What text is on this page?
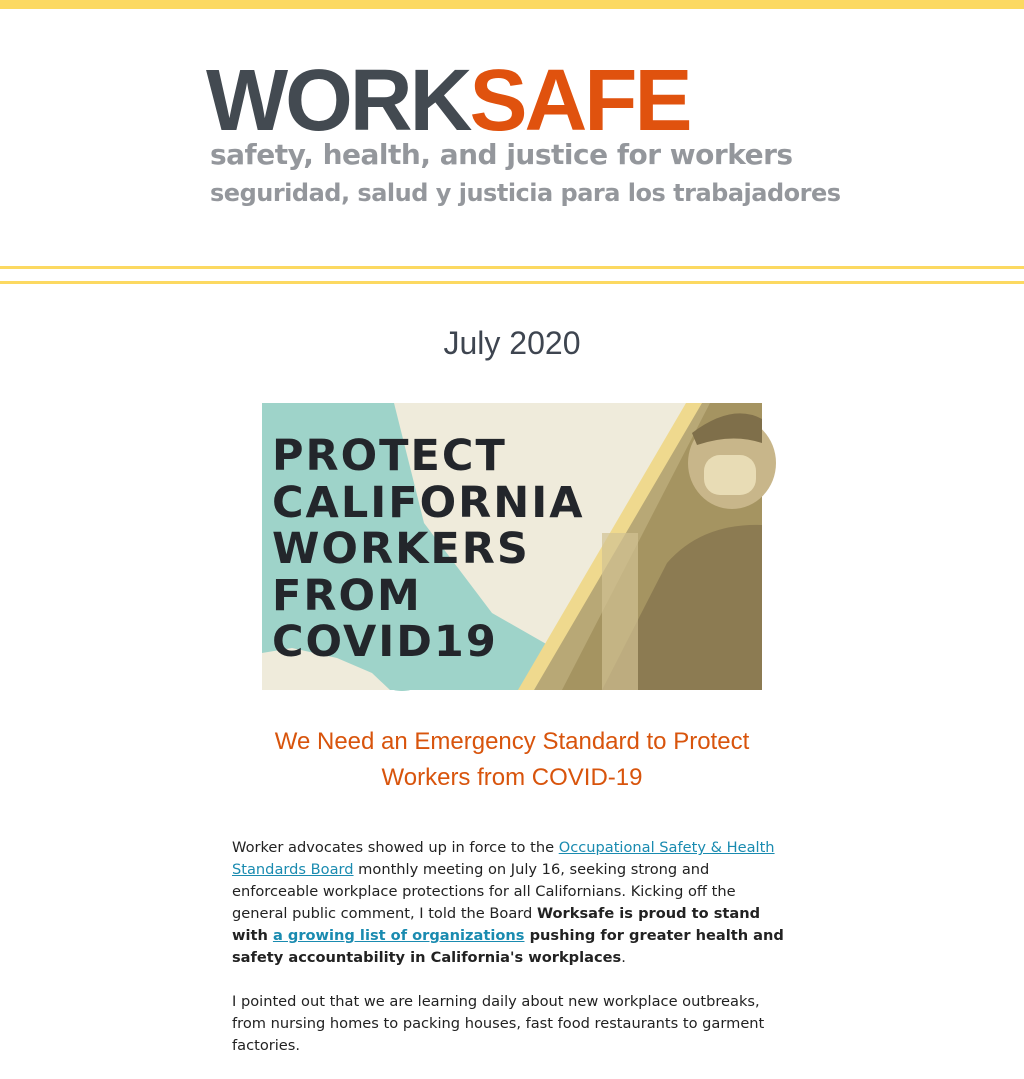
WORKSAFE
safety, health, and justice for workers
seguridad, salud y justicia para los trabajadores
July 2020
PROTECT
CALIFORNIA
WORKERS
FROM
COVID19
We Need an Emergency Standard to Protect Workers from COVID-19

Worker advocates showed up in force to the Occupational Safety & Health Standards Board monthly meeting on July 16, seeking strong and enforceable workplace protections for all Californians. Kicking off the general public comment, I told the Board Worksafe is proud to stand with a growing list of organizations pushing for greater health and safety accountability in California's workplaces.

I pointed out that we are learning daily about new workplace outbreaks, from nursing homes to packing houses, fast food restaurants to garment factories.
